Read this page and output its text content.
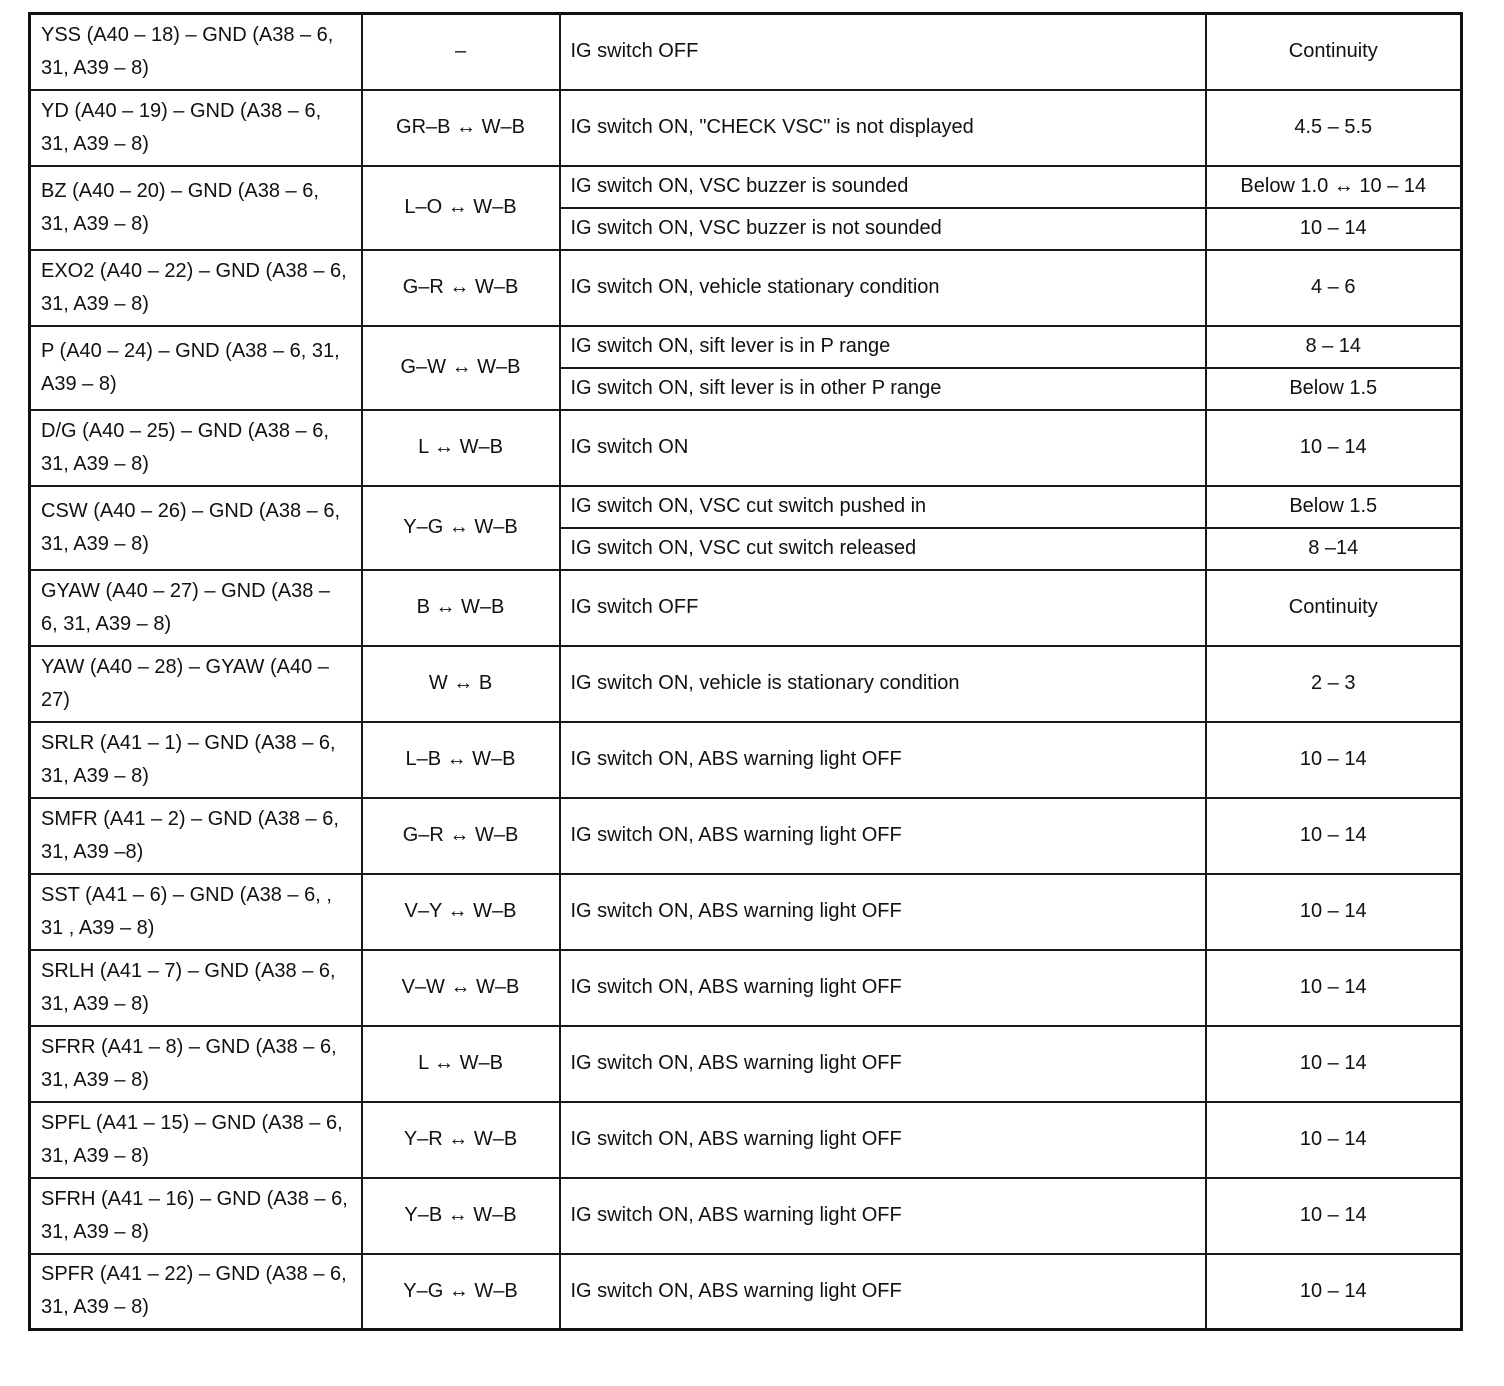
YSS (A40 – 18) – GND (A38 – 6, 31, A39 – 8)	–	IG switch OFF	Continuity
YD (A40 – 19) – GND (A38 – 6, 31, A39 – 8)	GR–B ↔ W–B	IG switch ON, "CHECK VSC" is not displayed	4.5 – 5.5
BZ (A40 – 20) – GND (A38 – 6, 31, A39 – 8)	L–O ↔ W–B	IG switch ON, VSC buzzer is sounded	Below 1.0 ↔ 10 – 14
		IG switch ON, VSC buzzer is not sounded	10 – 14
EXO2 (A40 – 22) – GND (A38 – 6, 31, A39 – 8)	G–R ↔ W–B	IG switch ON, vehicle stationary condition	4 – 6
P (A40 – 24) – GND (A38 – 6, 31, A39 – 8)	G–W ↔ W–B	IG switch ON, sift lever is in P range	8 – 14
		IG switch ON, sift lever is in other P range	Below 1.5
D/G (A40 – 25) – GND (A38 – 6, 31, A39 – 8)	L ↔ W–B	IG switch ON	10 – 14
CSW (A40 – 26) – GND (A38 – 6, 31, A39 – 8)	Y–G ↔ W–B	IG switch ON, VSC cut switch pushed in	Below 1.5
		IG switch ON, VSC cut switch released	8 –14
GYAW (A40 – 27) – GND (A38 – 6, 31, A39 – 8)	B ↔ W–B	IG switch OFF	Continuity
YAW (A40 – 28) – GYAW (A40 – 27)	W ↔ B	IG switch ON, vehicle is stationary condition	2 – 3
SRLR (A41 – 1) – GND (A38 – 6, 31, A39 – 8)	L–B ↔ W–B	IG switch ON, ABS warning light OFF	10 – 14
SMFR (A41 – 2) – GND (A38 – 6, 31, A39 –8)	G–R ↔ W–B	IG switch ON, ABS warning light OFF	10 – 14
SST (A41 – 6) – GND (A38 – 6, , 31 , A39 – 8)	V–Y ↔ W–B	IG switch ON, ABS warning light OFF	10 – 14
SRLH (A41 – 7) – GND (A38 – 6, 31, A39 – 8)	V–W ↔ W–B	IG switch ON, ABS warning light OFF	10 – 14
SFRR (A41 – 8) – GND (A38 – 6, 31, A39 – 8)	L ↔ W–B	IG switch ON, ABS warning light OFF	10 – 14
SPFL (A41 – 15) – GND (A38 – 6, 31, A39 – 8)	Y–R ↔ W–B	IG switch ON, ABS warning light OFF	10 – 14
SFRH (A41 – 16) – GND (A38 – 6, 31, A39 – 8)	Y–B ↔ W–B	IG switch ON, ABS warning light OFF	10 – 14
SPFR (A41 – 22) – GND (A38 – 6, 31, A39 – 8)	Y–G ↔ W–B	IG switch ON, ABS warning light OFF	10 – 14
